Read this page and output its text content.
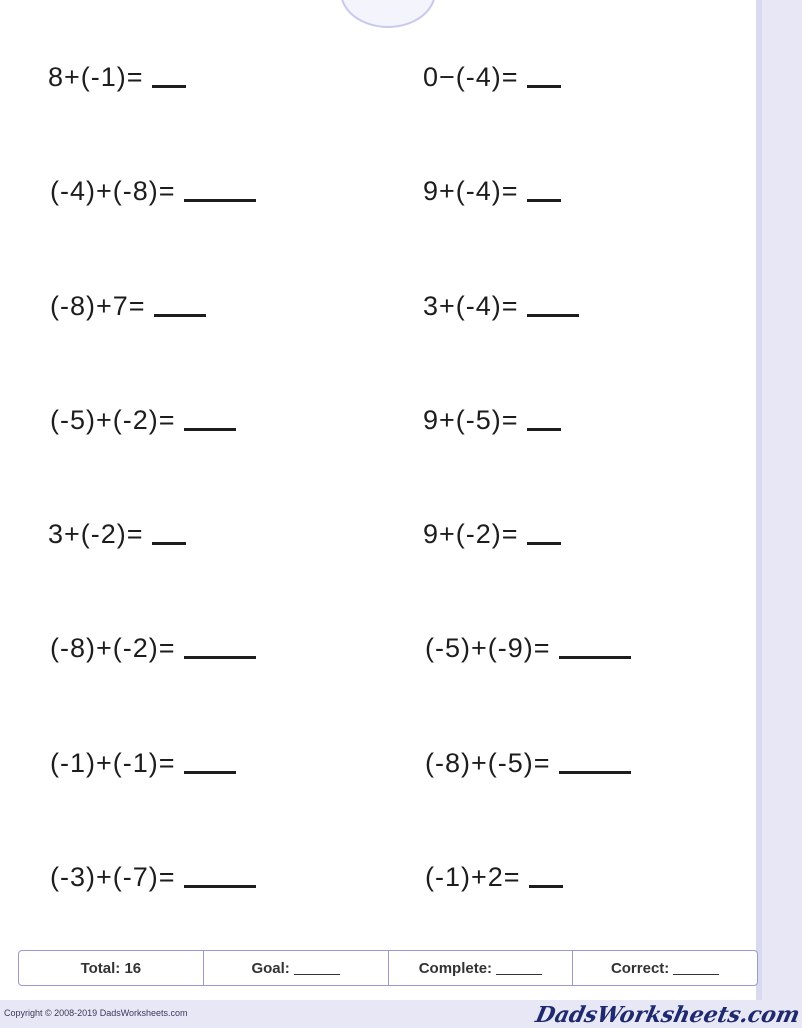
8+(-1)=
(-4)+(-8)=
(-8)+7=
(-5)+(-2)=
3+(-2)=
(-8)+(-2)=
(-1)+(-1)=
(-3)+(-7)=
0−(-4)=
9+(-4)=
3+(-4)=
9+(-5)=
9+(-2)=
(-5)+(-9)=
(-8)+(-5)=
(-1)+2=
Total: 16	Goal:	Complete:	Correct:
Copyright © 2008-2019 DadsWorksheets.com	DadsWorksheets.com
